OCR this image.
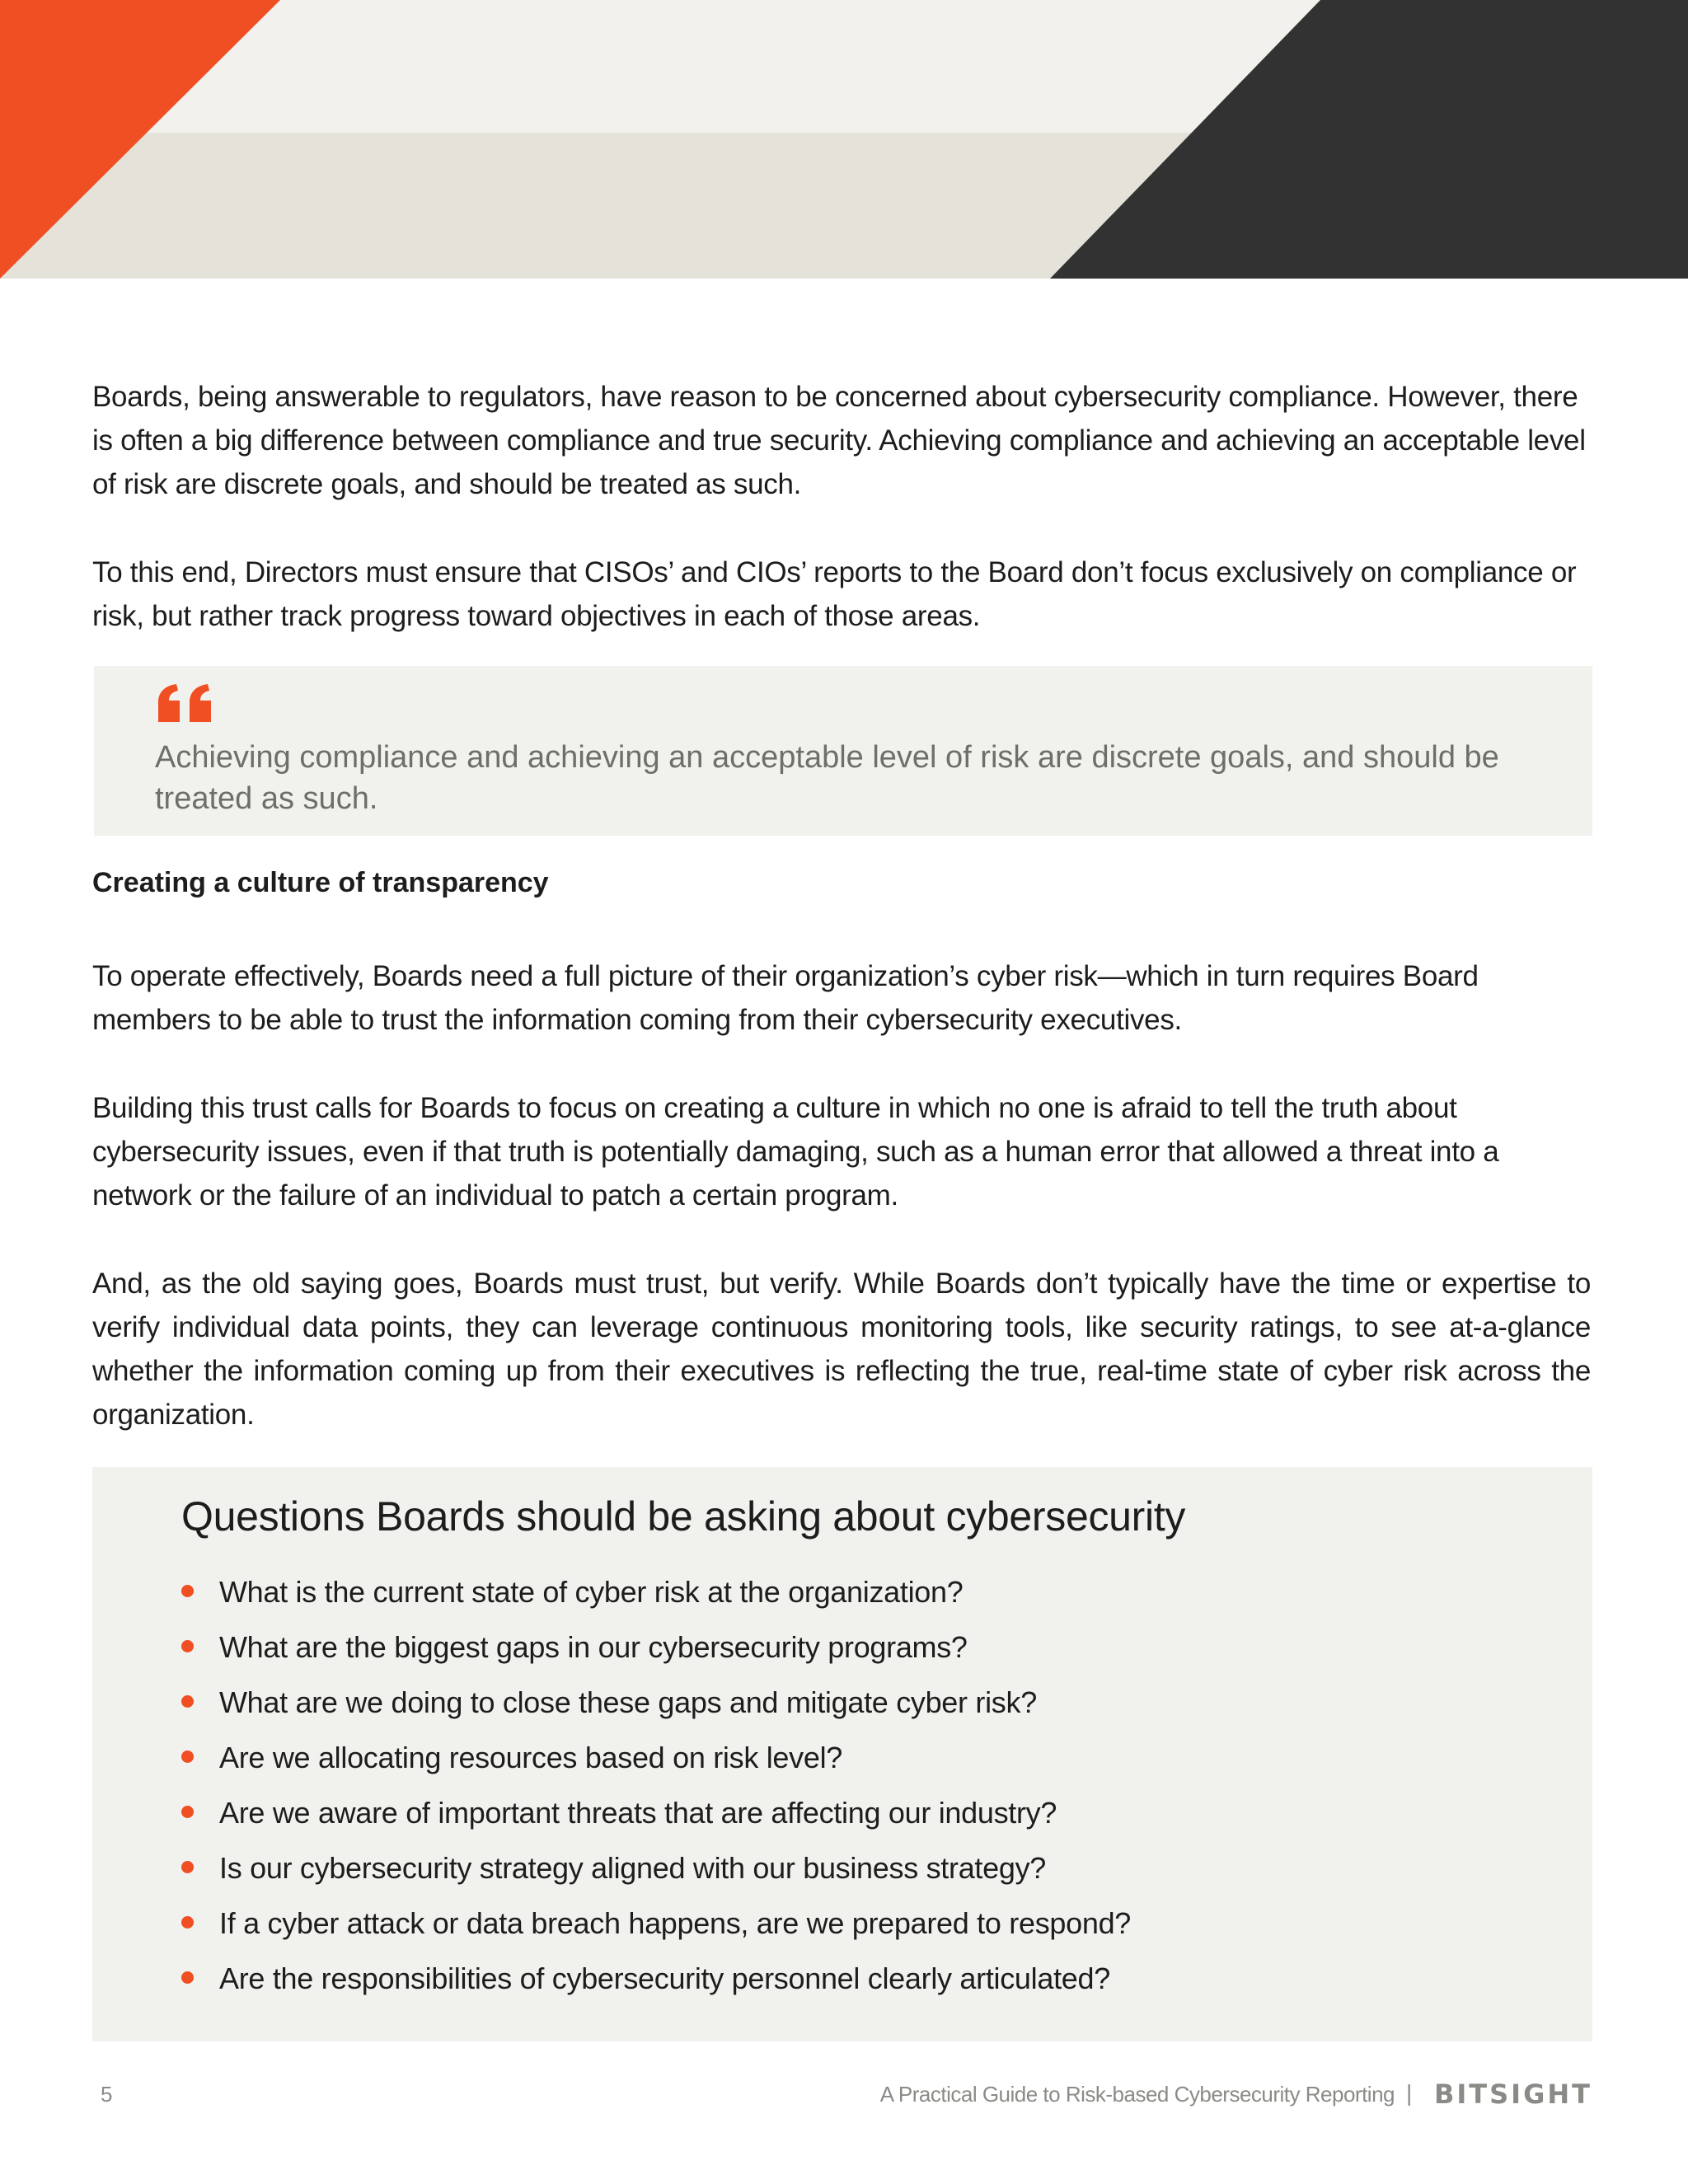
Boards, being answerable to regulators, have reason to be concerned about cybersecurity compliance. However, there is often a big difference between compliance and true security. Achieving compliance and achieving an acceptable level of risk are discrete goals, and should be treated as such.

To this end, Directors must ensure that CISOs’ and CIOs’ reports to the Board don’t focus exclusively on compliance or risk, but rather track progress toward objectives in each of those areas.

Achieving compliance and achieving an acceptable level of risk are discrete goals, and should be treated as such.

Creating a culture of transparency

To operate effectively, Boards need a full picture of their organization’s cyber risk—which in turn requires Board members to be able to trust the information coming from their cybersecurity executives.

Building this trust calls for Boards to focus on creating a culture in which no one is afraid to tell the truth about cybersecurity issues, even if that truth is potentially damaging, such as a human error that allowed a threat into a network or the failure of an individual to patch a certain program.

And, as the old saying goes, Boards must trust, but verify. While Boards don’t typically have the time or expertise to verify individual data points, they can leverage continuous monitoring tools, like security ratings, to see at-a-glance whether the information coming up from their executives is reflecting the true, real-time state of cyber risk across the organization.

Questions Boards should be asking about cybersecurity
What is the current state of cyber risk at the organization?
What are the biggest gaps in our cybersecurity programs?
What are we doing to close these gaps and mitigate cyber risk?
Are we allocating resources based on risk level?
Are we aware of important threats that are affecting our industry?
Is our cybersecurity strategy aligned with our business strategy?
If a cyber attack or data breach happens, are we prepared to respond?
Are the responsibilities of cybersecurity personnel clearly articulated?
5	A Practical Guide to Risk-based Cybersecurity Reporting | BITSIGHT
